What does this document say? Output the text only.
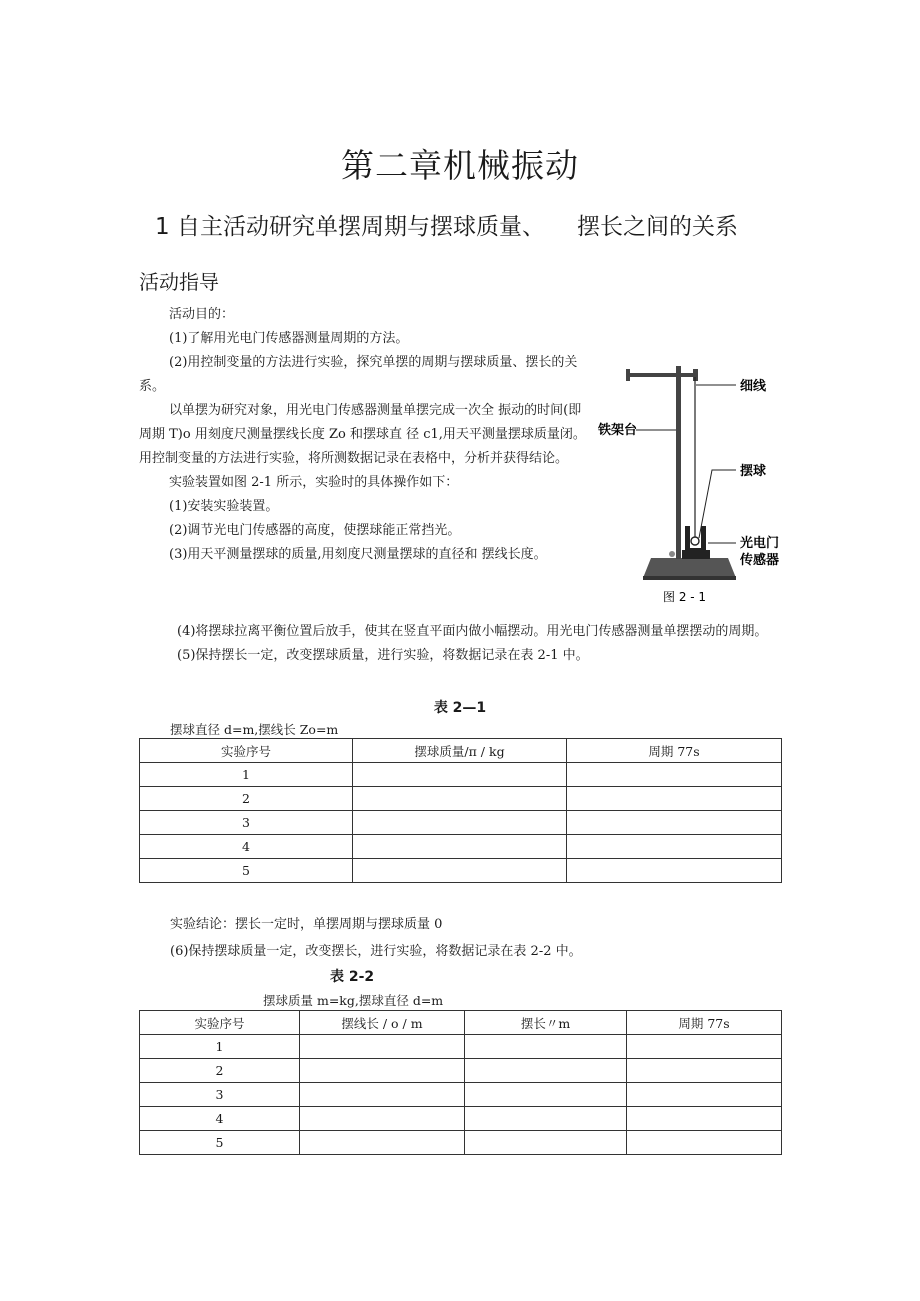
第二章机械振动
1 自主活动研究单摆周期与摆球质量、 摆长之间的关系
活动指导

活动目的：

(1)了解用光电门传感器测量周期的方法。

(2)用控制变量的方法进行实验，探究单摆的周期与摆球质量、摆长的关系。

以单摆为研究对象，用光电门传感器测量单摆完成一次全 振动的时间(即周期 T)o 用刻度尺测量摆线长度 Zo 和摆球直 径 c1,用天平测量摆球质量闭。用控制变量的方法进行实验，将所测数据记录在表格中，分析并获得结论。

实验装置如图 2-1 所示，实验时的具体操作如下：

(1)安装实验装置。

(2)调节光电门传感器的高度，使摆球能正常挡光。

(3)用天平测量摆球的质量,用刻度尺测量摆球的直径和 摆线长度。

细线
铁架台
摆球
光电门
传感器
图 2 - 1

(4)将摆球拉离平衡位置后放手，使其在竖直平面内做小幅摆动。用光电门传感器测量单摆摆动的周期。

(5)保持摆长一定，改变摆球质量，进行实验，将数据记录在表 2-1 中。

表 2—1
摆球直径 d=m,摆线长 Zo=m
实验序号	摆球质量/π / kg	周期 77s
1		
2		
3		
4		
5		
实验结论：摆长一定时，单摆周期与摆球质量 0
(6)保持摆球质量一定，改变摆长，进行实验，将数据记录在表 2-2 中。
表 2-2
摆球质量 m=kg,摆球直径 d=m
实验序号	摆线长 / o / m	摆长〃m	周期 77s
1			
2			
3			
4			
5			
